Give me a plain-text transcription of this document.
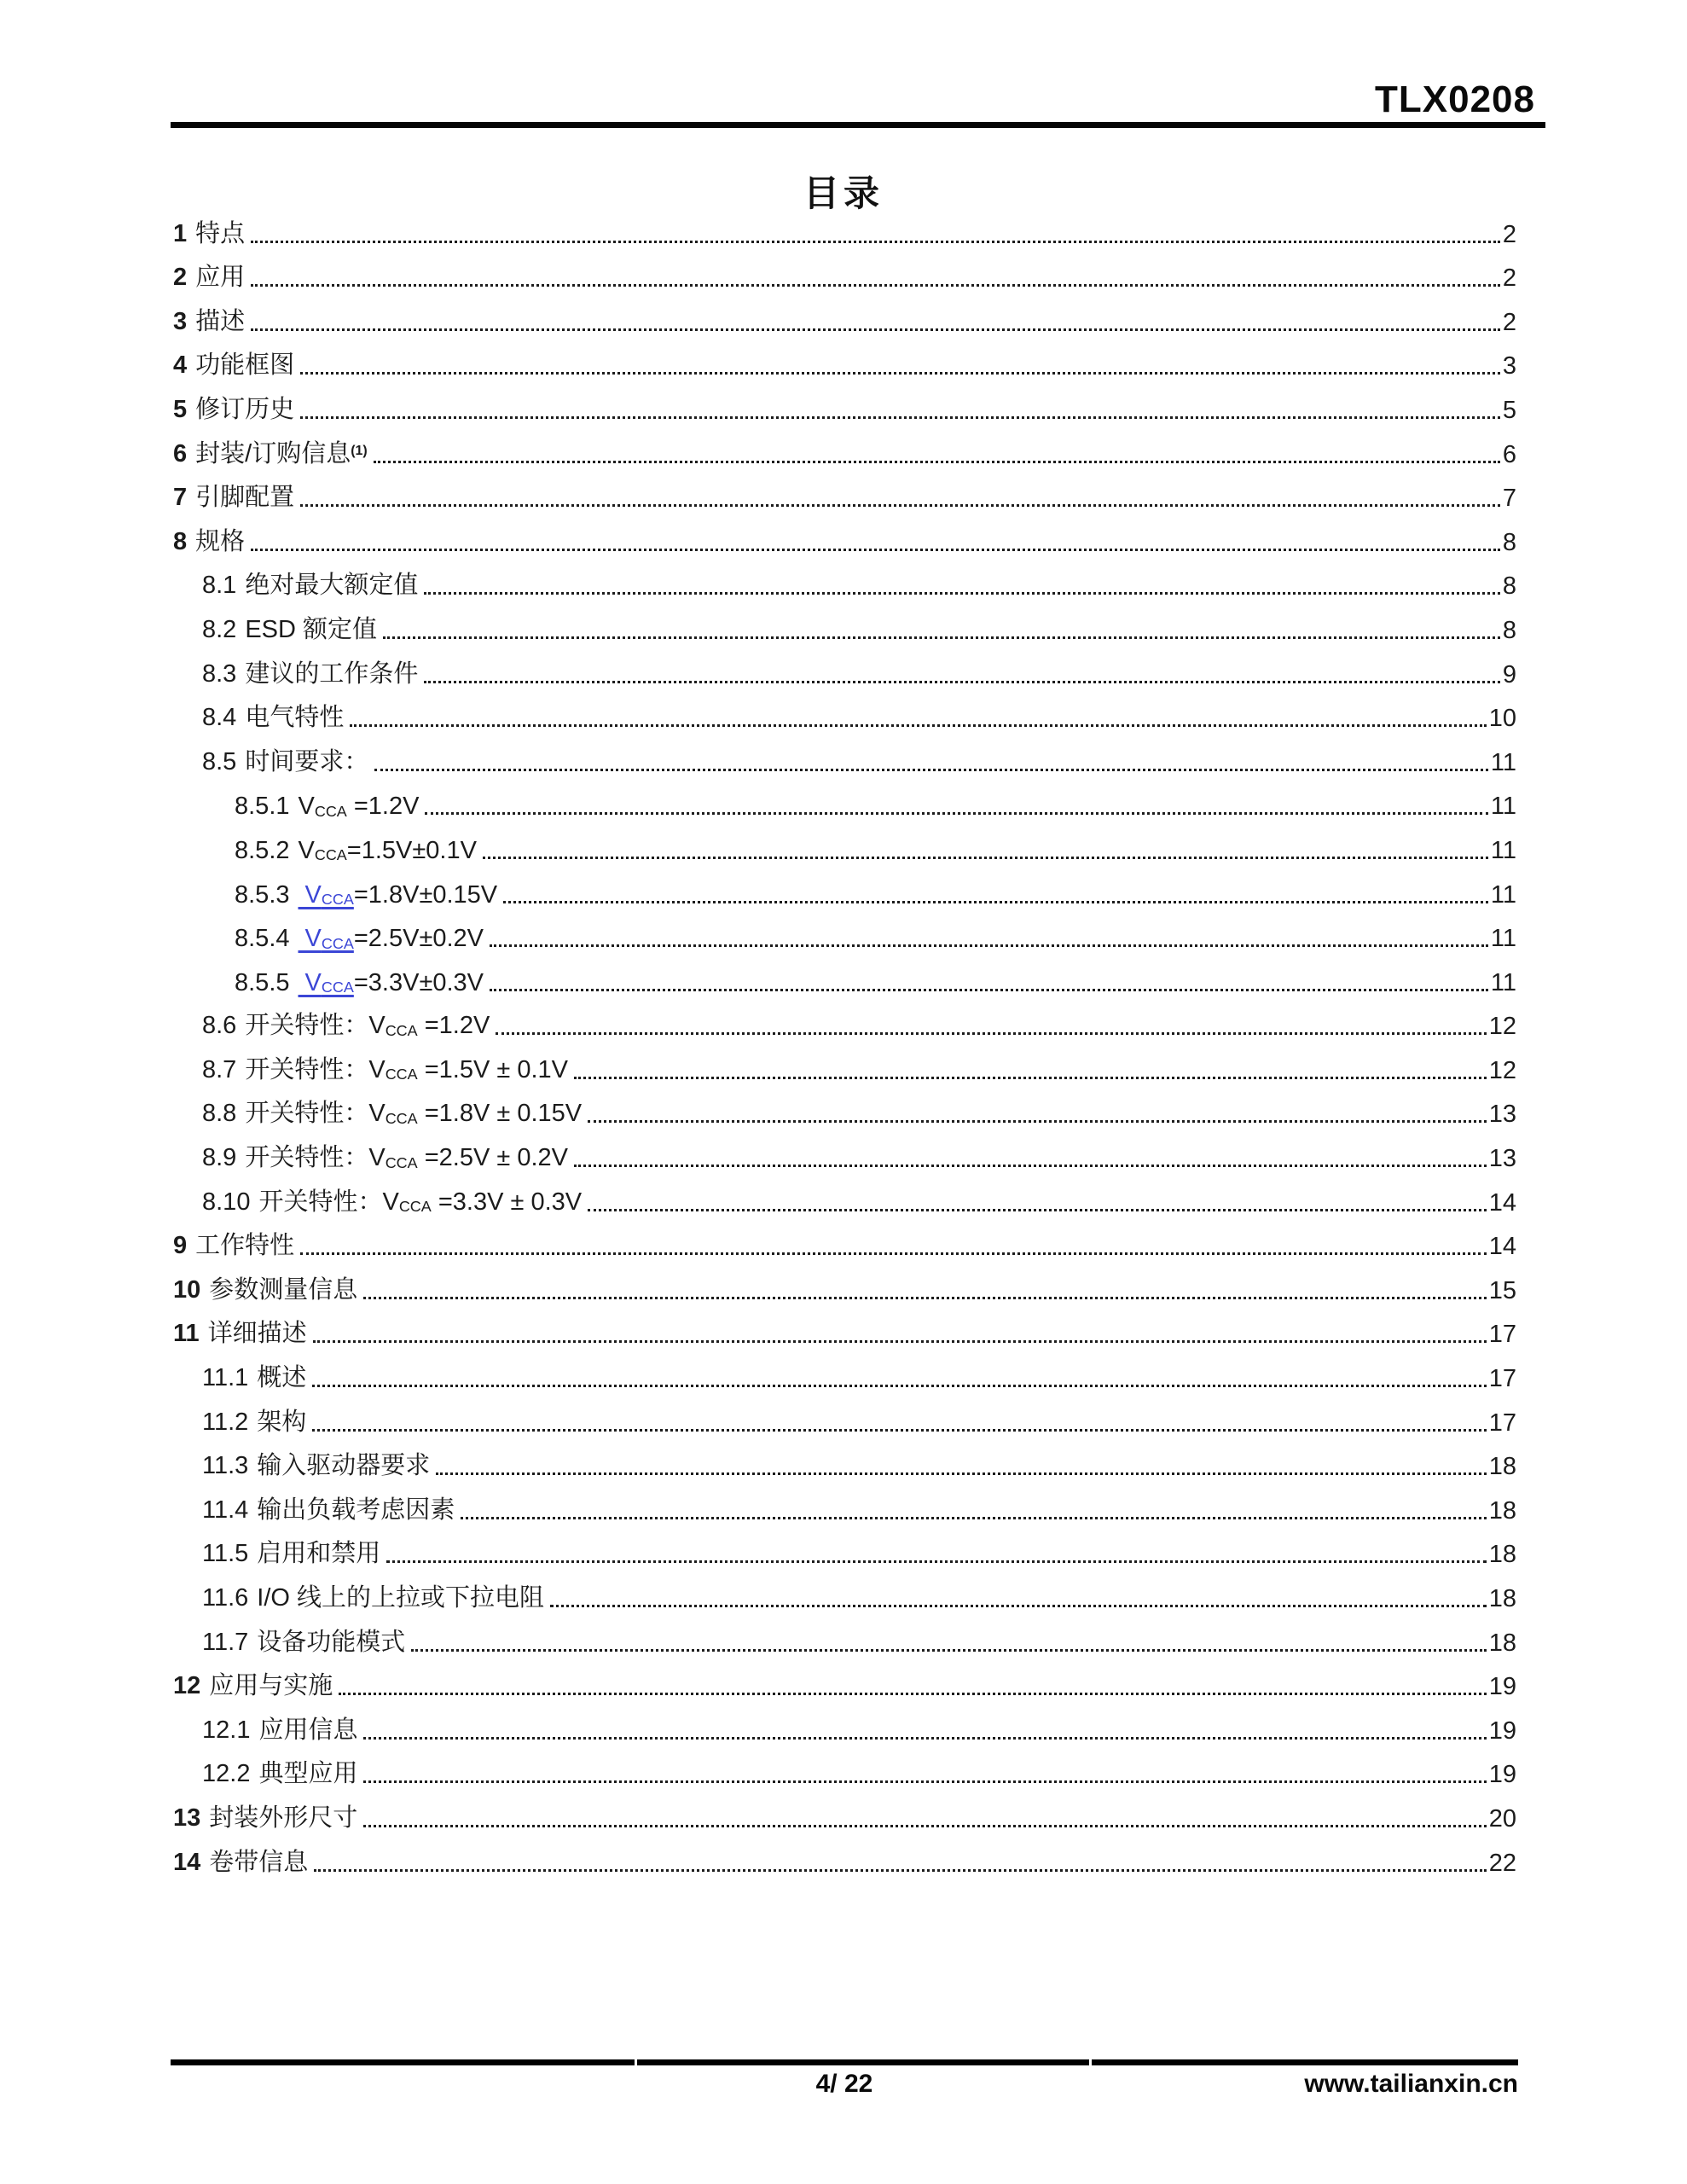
TLX0208
目录
1 特点	2
2 应用	2
3 描述	2
4 功能框图	3
5 修订历史	5
6 封装/订购信息$^{(1)}$	6
7 引脚配置	7
8 规格	8
8.1 绝对最大额定值	8
8.2 ESD 额定值	8
8.3 建议的工作条件	9
8.4 电气特性	10
8.5 时间要求：	11
8.5.1 VCCA =1.2V	11
8.5.2 VCCA=1.5V±0.1V	11
8.5.3 VCCA=1.8V±0.15V	11
8.5.4 VCCA=2.5V±0.2V	11
8.5.5 VCCA=3.3V±0.3V	11
8.6 开关特性：VCCA =1.2V	12
8.7 开关特性：VCCA =1.5V ± 0.1V	12
8.8 开关特性：VCCA =1.8V ± 0.15V	13
8.9 开关特性：VCCA =2.5V ± 0.2V	13
8.10 开关特性：VCCA =3.3V ± 0.3V	14
9 工作特性	14
10 参数测量信息	15
11 详细描述	17
11.1 概述	17
11.2 架构	17
11.3 输入驱动器要求	18
11.4 输出负载考虑因素	18
11.5 启用和禁用	18
11.6 I/O 线上的上拉或下拉电阻	18
11.7 设备功能模式	18
12 应用与实施	19
12.1 应用信息	19
12.2 典型应用	19
13 封装外形尺寸	20
14 卷带信息	22
4/ 22	www.tailianxin.cn
